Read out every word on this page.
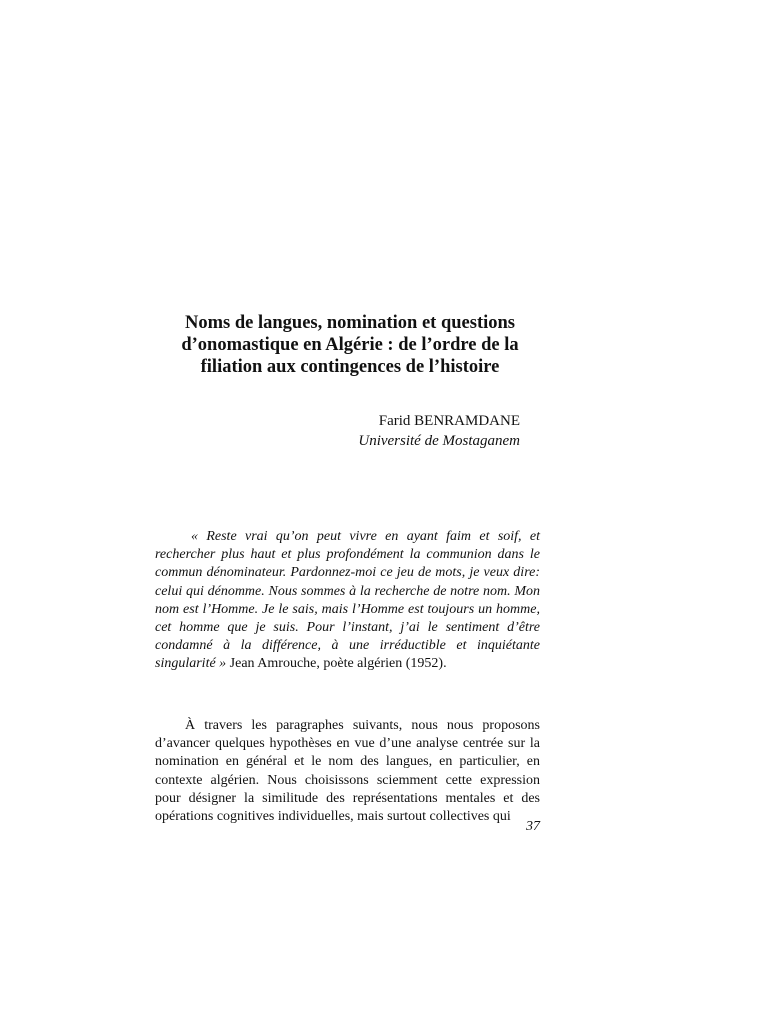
Noms de langues, nomination et questions
d’onomastique en Algérie : de l’ordre de la
filiation aux contingences de l’histoire
Farid BENRAMDANE
Université de Mostaganem

« Reste vrai qu’on peut vivre en ayant faim et soif, et rechercher plus haut et plus profondément la communion dans le commun dénominateur. Pardonnez-moi ce jeu de mots, je veux dire: celui qui dénomme. Nous sommes à la recherche de notre nom. Mon nom est l’Homme. Je le sais, mais l’Homme est toujours un homme, cet homme que je suis. Pour l’instant, j’ai le sentiment d’être condamné à la différence, à une irréductible et inquiétante singularité » Jean Amrouche, poète algérien (1952).

À travers les paragraphes suivants, nous nous proposons d’avancer quelques hypothèses en vue d’une analyse centrée sur la nomination en général et le nom des langues, en particulier, en contexte algérien. Nous choisissons sciemment cette expression pour désigner la similitude des représentations mentales et des opérations cognitives individuelles, mais surtout collectives qui

37
